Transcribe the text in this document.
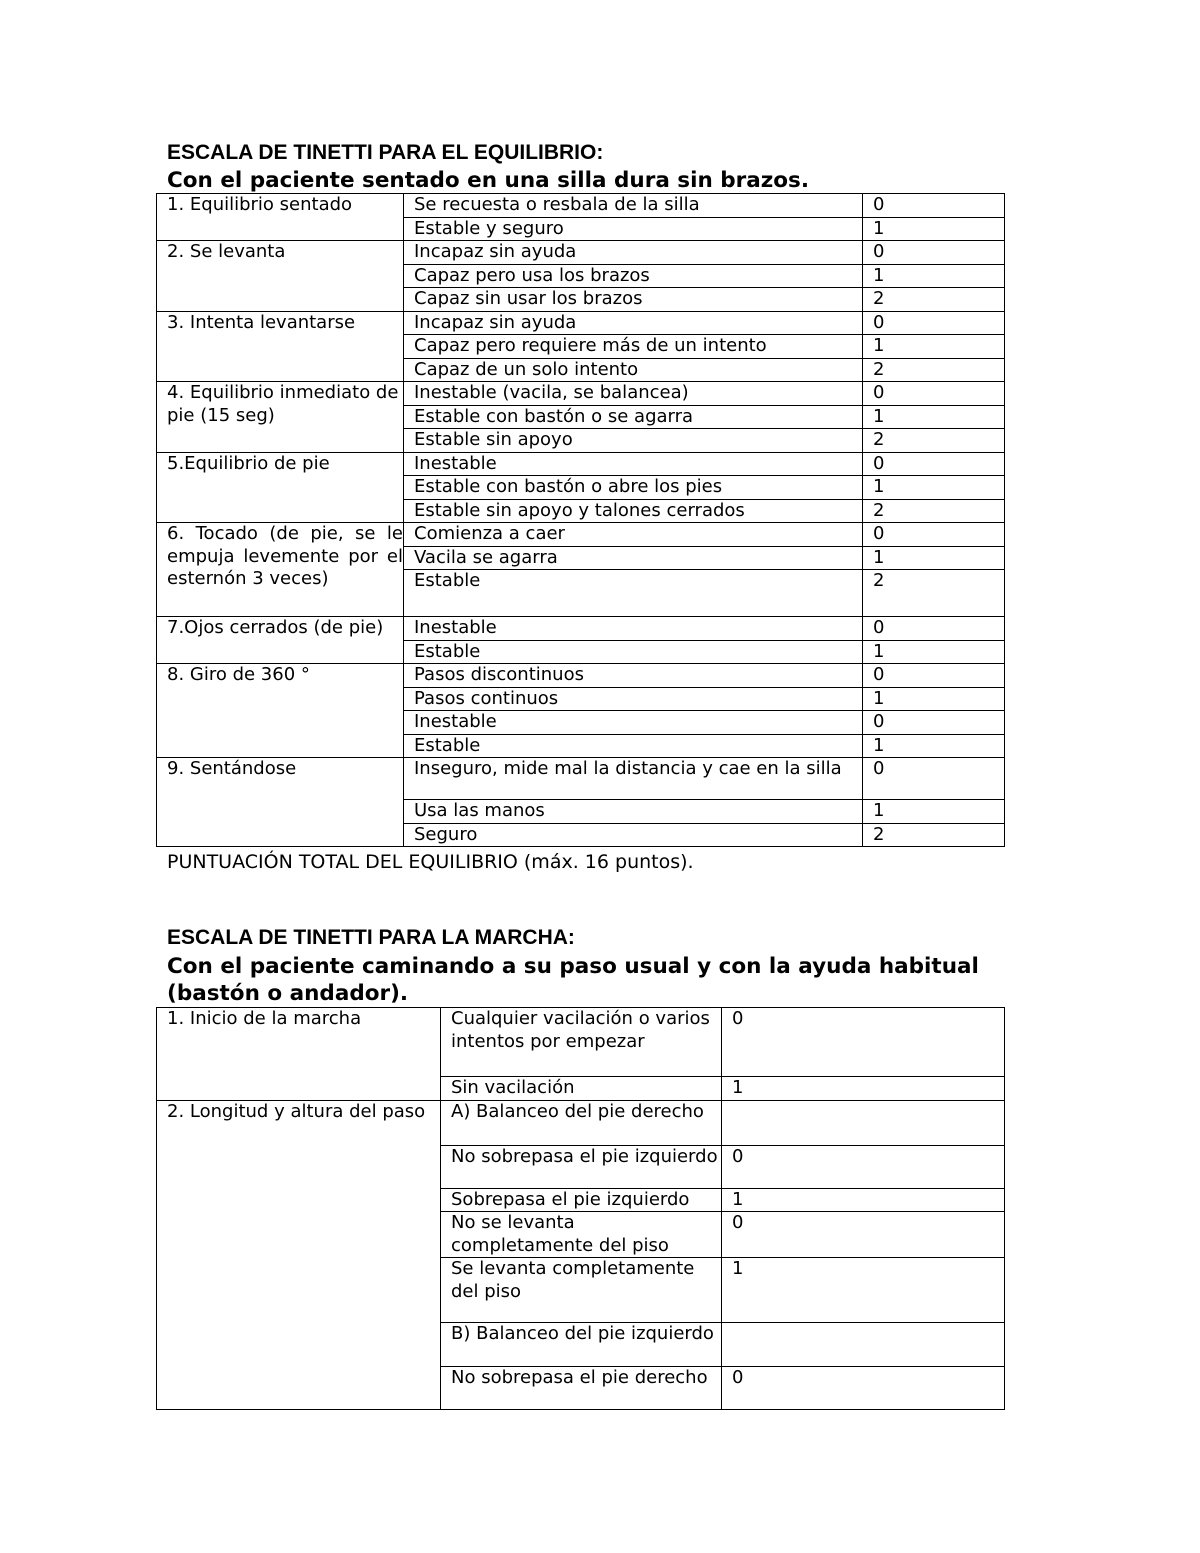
ESCALA DE TINETTI PARA EL EQUILIBRIO:
Con el paciente sentado en una silla dura sin brazos.
1. Equilibrio sentado	Se recuesta o resbala de la silla	0
	Estable y seguro	1
2. Se levanta	Incapaz sin ayuda	0
	Capaz pero usa los brazos	1
	Capaz sin usar los brazos	2
3. Intenta levantarse	Incapaz sin ayuda	0
	Capaz pero requiere más de un intento	1
	Capaz de un solo intento	2
4. Equilibrio inmediato de pie (15 seg)	Inestable (vacila, se balancea)	0
	Estable con bastón o se agarra	1
	Estable sin apoyo	2
5.Equilibrio de pie	Inestable	0
	Estable con bastón o abre los pies	1
	Estable sin apoyo y talones cerrados	2
6. Tocado (de pie, se le empuja levemente por el esternón 3 veces)	Comienza a caer	0
	Vacila se agarra	1
	Estable	2
7.Ojos cerrados (de pie)	Inestable	0
	Estable	1
8. Giro de 360 °	Pasos discontinuos	0
	Pasos continuos	1
	Inestable	0
	Estable	1
9. Sentándose	Inseguro, mide mal la distancia y cae en la silla	0
	Usa las manos	1
	Seguro	2
PUNTUACIÓN TOTAL DEL EQUILIBRIO (máx. 16 puntos).
ESCALA DE TINETTI PARA LA MARCHA:
Con el paciente caminando a su paso usual y con la ayuda habitual (bastón o andador).
1. Inicio de la marcha	Cualquier vacilación o varios intentos por empezar	0
	Sin vacilación	1
2. Longitud y altura del paso	A) Balanceo del pie derecho	
	No sobrepasa el pie izquierdo	0
	Sobrepasa el pie izquierdo	1
	No se levanta completamente del piso	0
	Se levanta completamente del piso	1
	B) Balanceo del pie izquierdo	
	No sobrepasa el pie derecho	0
